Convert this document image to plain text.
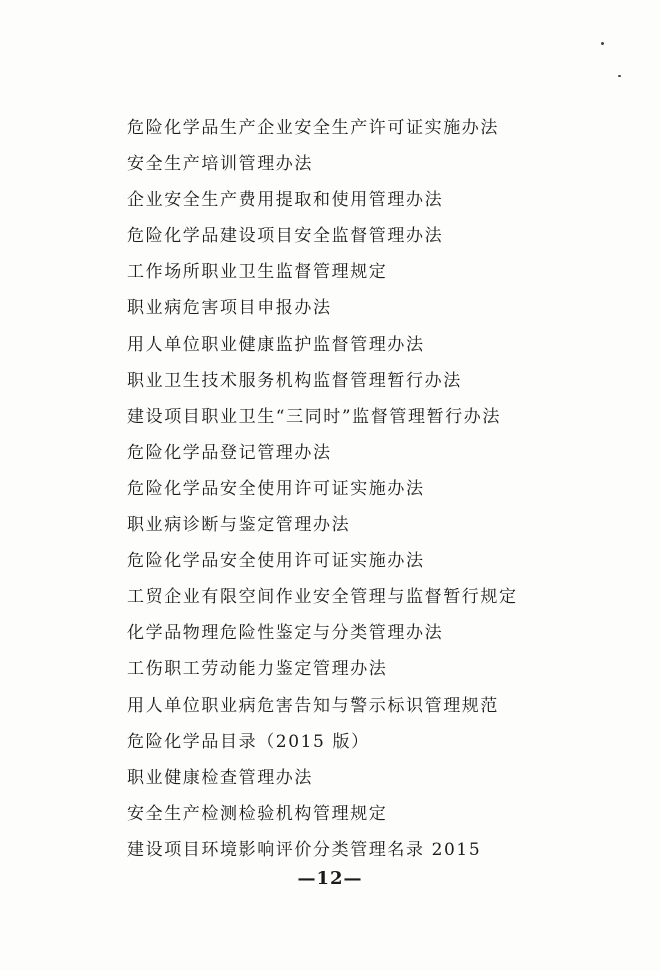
危险化学品生产企业安全生产许可证实施办法
安全生产培训管理办法
企业安全生产费用提取和使用管理办法
危险化学品建设项目安全监督管理办法
工作场所职业卫生监督管理规定
职业病危害项目申报办法
用人单位职业健康监护监督管理办法
职业卫生技术服务机构监督管理暂行办法
建设项目职业卫生“三同时”监督管理暂行办法
危险化学品登记管理办法
危险化学品安全使用许可证实施办法
职业病诊断与鉴定管理办法
危险化学品安全使用许可证实施办法
工贸企业有限空间作业安全管理与监督暂行规定
化学品物理危险性鉴定与分类管理办法
工伤职工劳动能力鉴定管理办法
用人单位职业病危害告知与警示标识管理规范
危险化学品目录（2015 版）
职业健康检查管理办法
安全生产检测检验机构管理规定
建设项目环境影响评价分类管理名录 2015
—12—
